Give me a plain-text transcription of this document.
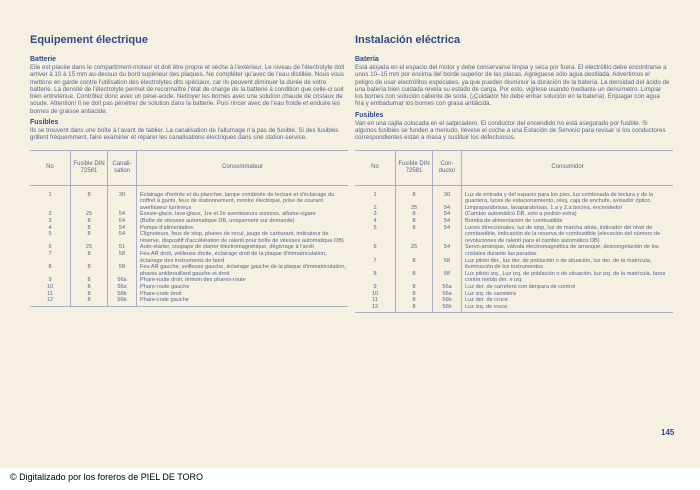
Equipement électrique
Batterie

Elle est placée dans le compartiment-moteur et doit être propre et sèche à l'extérieur. Le niveau de l'électrolyte doit arriver à 10 à 15 mm au-dessus du bord supérieur des plaques. Ne compléter qu'avec de l'eau distillée. Nous vous mettons en garde contre l'utilisation des électrolytes dits spéciaux, car ils peuvent diminuer la durée de votre batterie. La densité de l'électrolyte permet de reconnaître l'état de charge de la batterie à condition que celle-ci soit bien entretenue. Contrôlez donc avec un pèse-acide. Nettoyer les bornes avec une solution chaude de cristaux de soude. Attention! Il ne doit pas pénétrer de solution dans la batterie. Puis rincer avec de l'eau froide et enduire les bornes de graisse antiacide.

Fusibles

Ils se trouvent dans une boîte à l'avant de tablier. La canalisation de l'allumage n'a pas de fusible. Si des fusibles grillent fréquemment, faire examiner et réparer les canalisations électriques dans une station-service.

No	Fusible DIN 72581	Canali-sation	Consommateur
1	8	30	Eclairage d'entrée et du plancher, lampe combinée de lecture et d'éclairage du coffret à gants, feux de stationnement, montre électrique, prise de courant avertisseur lumineux
2	25	54	Essuie-glace, lave-glace, 1re et 2e avertisseurs sonores, allume-cigare
3	8	54	(Boîte de vitesses automatique DB, uniquement sur demande)
4	8	54	Pompe d'alimentation
5	8	54	Clignoteurs, feux de stop, phares de recul, jauge de carburant, indicateur de réserve, dispositif d'accélération de ralenti pour boîte de vitesses automatique DB)
6	25	51	Auto-starter, soupape de starter électromagnétique, dégivrage à l'arrêt
7	8	58	Feu AR droit, veilleuse droite, éclairage droit de la plaque d'immatriculation, éclairage des instruments de bord
8	8	58	Feu AR gauche, veilleuse gauche, éclairage gauche de la plaque d'immatriculation, phares antibrouillard gauche et droit
9	8	56a	Phare-route droit, témoin des phares-route
10	8	56a	Phare-route gauche
11	8	56b	Phare-code droit
12	8	56b	Phare-code gauche
Instalación eléctrica
Batería

Está alojada en el espacio del motor y debe conservarse limpia y seca por fuera. El electrólito debe encontrarse a unos 10–15 mm por encima del borde superior de las placas. Agréguese sólo agua destilada. Advertimos el peligro de usar electrólitos especiales, ya que pueden disminuir la duración de la batería. La densidad del ácido de una batería bien cuidada revela su estado de carga. Por esto, vigílese usando mediante un densímetro. Limpiar los bornes con solución caliente de soda. (¡Cuidado! No debe entrar solución en la batería). Enjuagar con agua fría y embadurnar los bornes con grasa antiácida.

Fusibles

Van en una cajita colocada en el salpicadero. El conductor del encendido no está asegurado por fusible. Si algunos fusibles se funden a menudo, llévese el coche a una Estación de Servicio para revisar si los conductores correspondientes están a masa y sustituir los defectuosos.

No	Fusible DIN 72581	Con-ductor	Consumidor
1	8	30	Luz de entrada y del espacio para los pies, luz combinada de lectura y de la guantera, luces de estacionamiento, reloj, caja de enchufe, avisador óptico
2	25	54	Limpiaparabrisas, lavaparabrisas, 1.a y 2.a bocina, encendedor
3	8	54	(Cambio automático DB, sólo a pedido extra)
4	8	54	Bomba de alimentación de combustible
5	8	54	Luces direccionales, luz de stop, luz de marcha atrás, indicador del nivel de combustible, indicación de la reserva de combustible (elevación del número de revoluciones de ralentí para el cambio automático DB)
6	25	54	Servo-arranque, válvula electromagnética de arranque, descongelación de los cristales durante las paradas
7	8	58	Luz piloto der., luz der. de población o de situación, luz der. de la matrícula, iluminación de los instrumentos
8	8	58	Luz piloto izq., Luz izq. de población o de situación, luz izq. de la matrícula, faros contra niebla der. e izq.
9	8	56a	Luz der. de carretera con lámpara de control
10	8	56a	Luz izq. de carretera
11	8	56b	Luz der. de cruce
12	8	56b	Luz izq. de cruce
145
© Digitalizado por los foreros de PIEL DE TORO
